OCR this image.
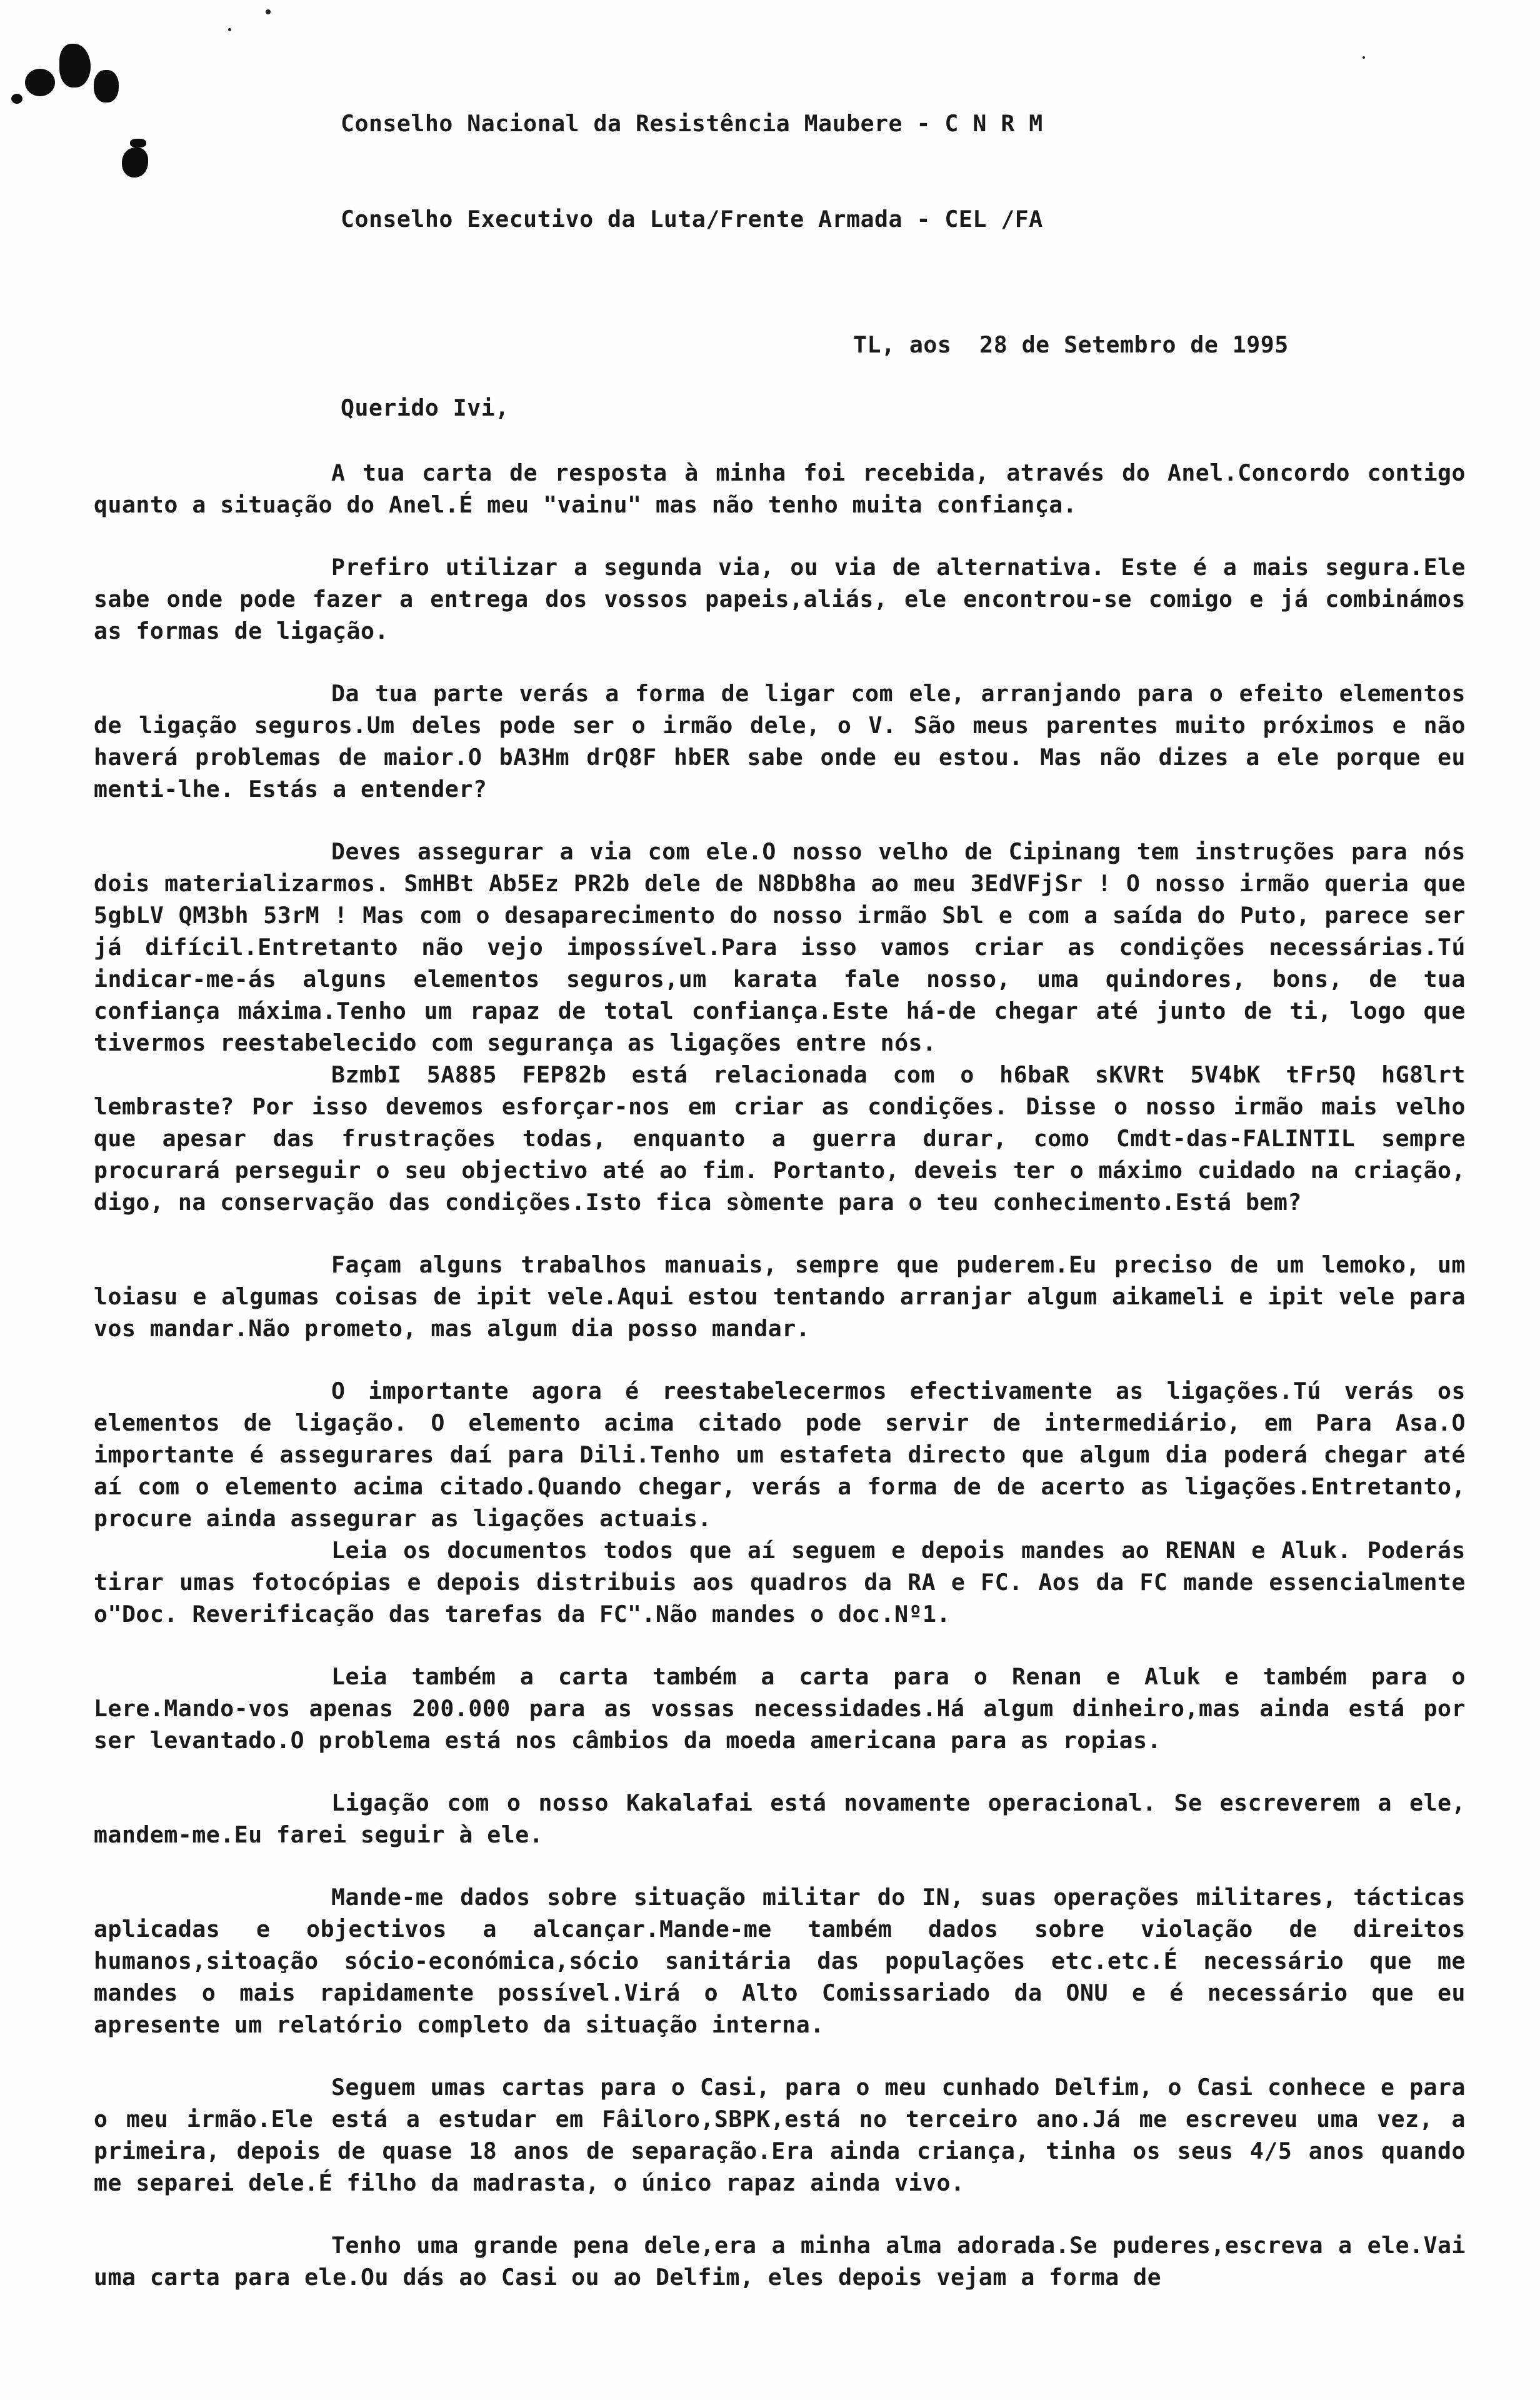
Conselho Nacional da Resistência Maubere - C N R M

Conselho Executivo da Luta/Frente Armada - CEL /FA

TL, aos  28 de Setembro de 1995
Querido Ivi,
A tua carta de resposta à minha foi recebida, através do Anel.Concordo contigo quanto a situação do Anel.É meu "vainu" mas não tenho muita confiança.
Prefiro utilizar a segunda via, ou via de alternativa. Este é a mais segura.Ele sabe onde pode fazer a entrega dos vossos papeis,aliás, ele encontrou-se comigo e já combinámos as formas de ligação.
Da tua parte verás a forma de ligar com ele, arranjando para o efeito elementos de ligação seguros.Um deles pode ser o irmão dele, o V. São meus parentes muito próximos e não haverá problemas de maior.O bA3Hm drQ8F hbER sabe onde eu estou. Mas não dizes a ele porque eu menti-lhe. Estás a entender?
Deves assegurar a via com ele.O nosso velho de Cipinang tem instruções para nós dois materializarmos. SmHBt Ab5Ez PR2b dele de N8Db8ha ao meu 3EdVFjSr ! O nosso irmão queria que 5gbLV QM3bh 53rM ! Mas com o desaparecimento do nosso irmão Sbl e com a saída do Puto, parece ser já difícil.Entretanto não vejo impossível.Para isso vamos criar as condições necessárias.Tú indicar-me-ás alguns elementos seguros,um karata fale nosso, uma quindores, bons, de tua confiança máxima.Tenho um rapaz de total confiança.Este há-de chegar até junto de ti, logo que tivermos reestabelecido com segurança as ligações entre nós.
BzmbI 5A885 FEP82b está relacionada com o h6baR sKVRt 5V4bK tFr5Q hG8lrt lembraste? Por isso devemos esforçar-nos em criar as condições. Disse o nosso irmão mais velho que apesar das frustrações todas, enquanto a guerra durar, como Cmdt-das-FALINTIL sempre procurará perseguir o seu objectivo até ao fim. Portanto, deveis ter o máximo cuidado na criação, digo, na conservação das condições.Isto fica sòmente para o teu conhecimento.Está bem?
Façam alguns trabalhos manuais, sempre que puderem.Eu preciso de um lemoko, um loiasu e algumas coisas de ipit vele.Aqui estou tentando arranjar algum aikameli e ipit vele para vos mandar.Não prometo, mas algum dia posso mandar.
O importante agora é reestabelecermos efectivamente as ligações.Tú verás os elementos de ligação. O elemento acima citado pode servir de intermediário, em Para Asa.O importante é assegurares daí para Dili.Tenho um estafeta directo que algum dia poderá chegar até aí com o elemento acima citado.Quando chegar, verás a forma de de acerto as ligações.Entretanto, procure ainda assegurar as ligações actuais.
Leia os documentos todos que aí seguem e depois mandes ao RENAN e Aluk. Poderás tirar umas fotocópias e depois distribuis aos quadros da RA e FC. Aos da FC mande essencialmente o"Doc. Reverificação das tarefas da FC".Não mandes o doc.Nº1.
Leia também a carta também a carta para o Renan e Aluk e também para o Lere.Mando-vos apenas 200.000 para as vossas necessidades.Há algum dinheiro,mas ainda está por ser levantado.O problema está nos câmbios da moeda americana para as ropias.
Ligação com o nosso Kakalafai está novamente operacional. Se escreverem a ele, mandem-me.Eu farei seguir à ele.
Mande-me dados sobre situação militar do IN, suas operações militares, tácticas aplicadas e objectivos a alcançar.Mande-me também dados sobre violação de direitos humanos,sitoação sócio-económica,sócio sanitária das populações etc.etc.É necessário que me mandes o mais rapidamente possível.Virá o Alto Comissariado da ONU e é necessário que eu apresente um relatório completo da situação interna.
Seguem umas cartas para o Casi, para o meu cunhado Delfim, o Casi conhece e para o meu irmão.Ele está a estudar em Fâiloro,SBPK,está no terceiro ano.Já me escreveu uma vez, a primeira, depois de quase 18 anos de separação.Era ainda criança, tinha os seus 4/5 anos quando me separei dele.É filho da madrasta, o único rapaz ainda vivo.
Tenho uma grande pena dele,era a minha alma adorada.Se puderes,escreva a ele.Vai uma carta para ele.Ou dás ao Casi ou ao Delfim, eles depois vejam a forma de
